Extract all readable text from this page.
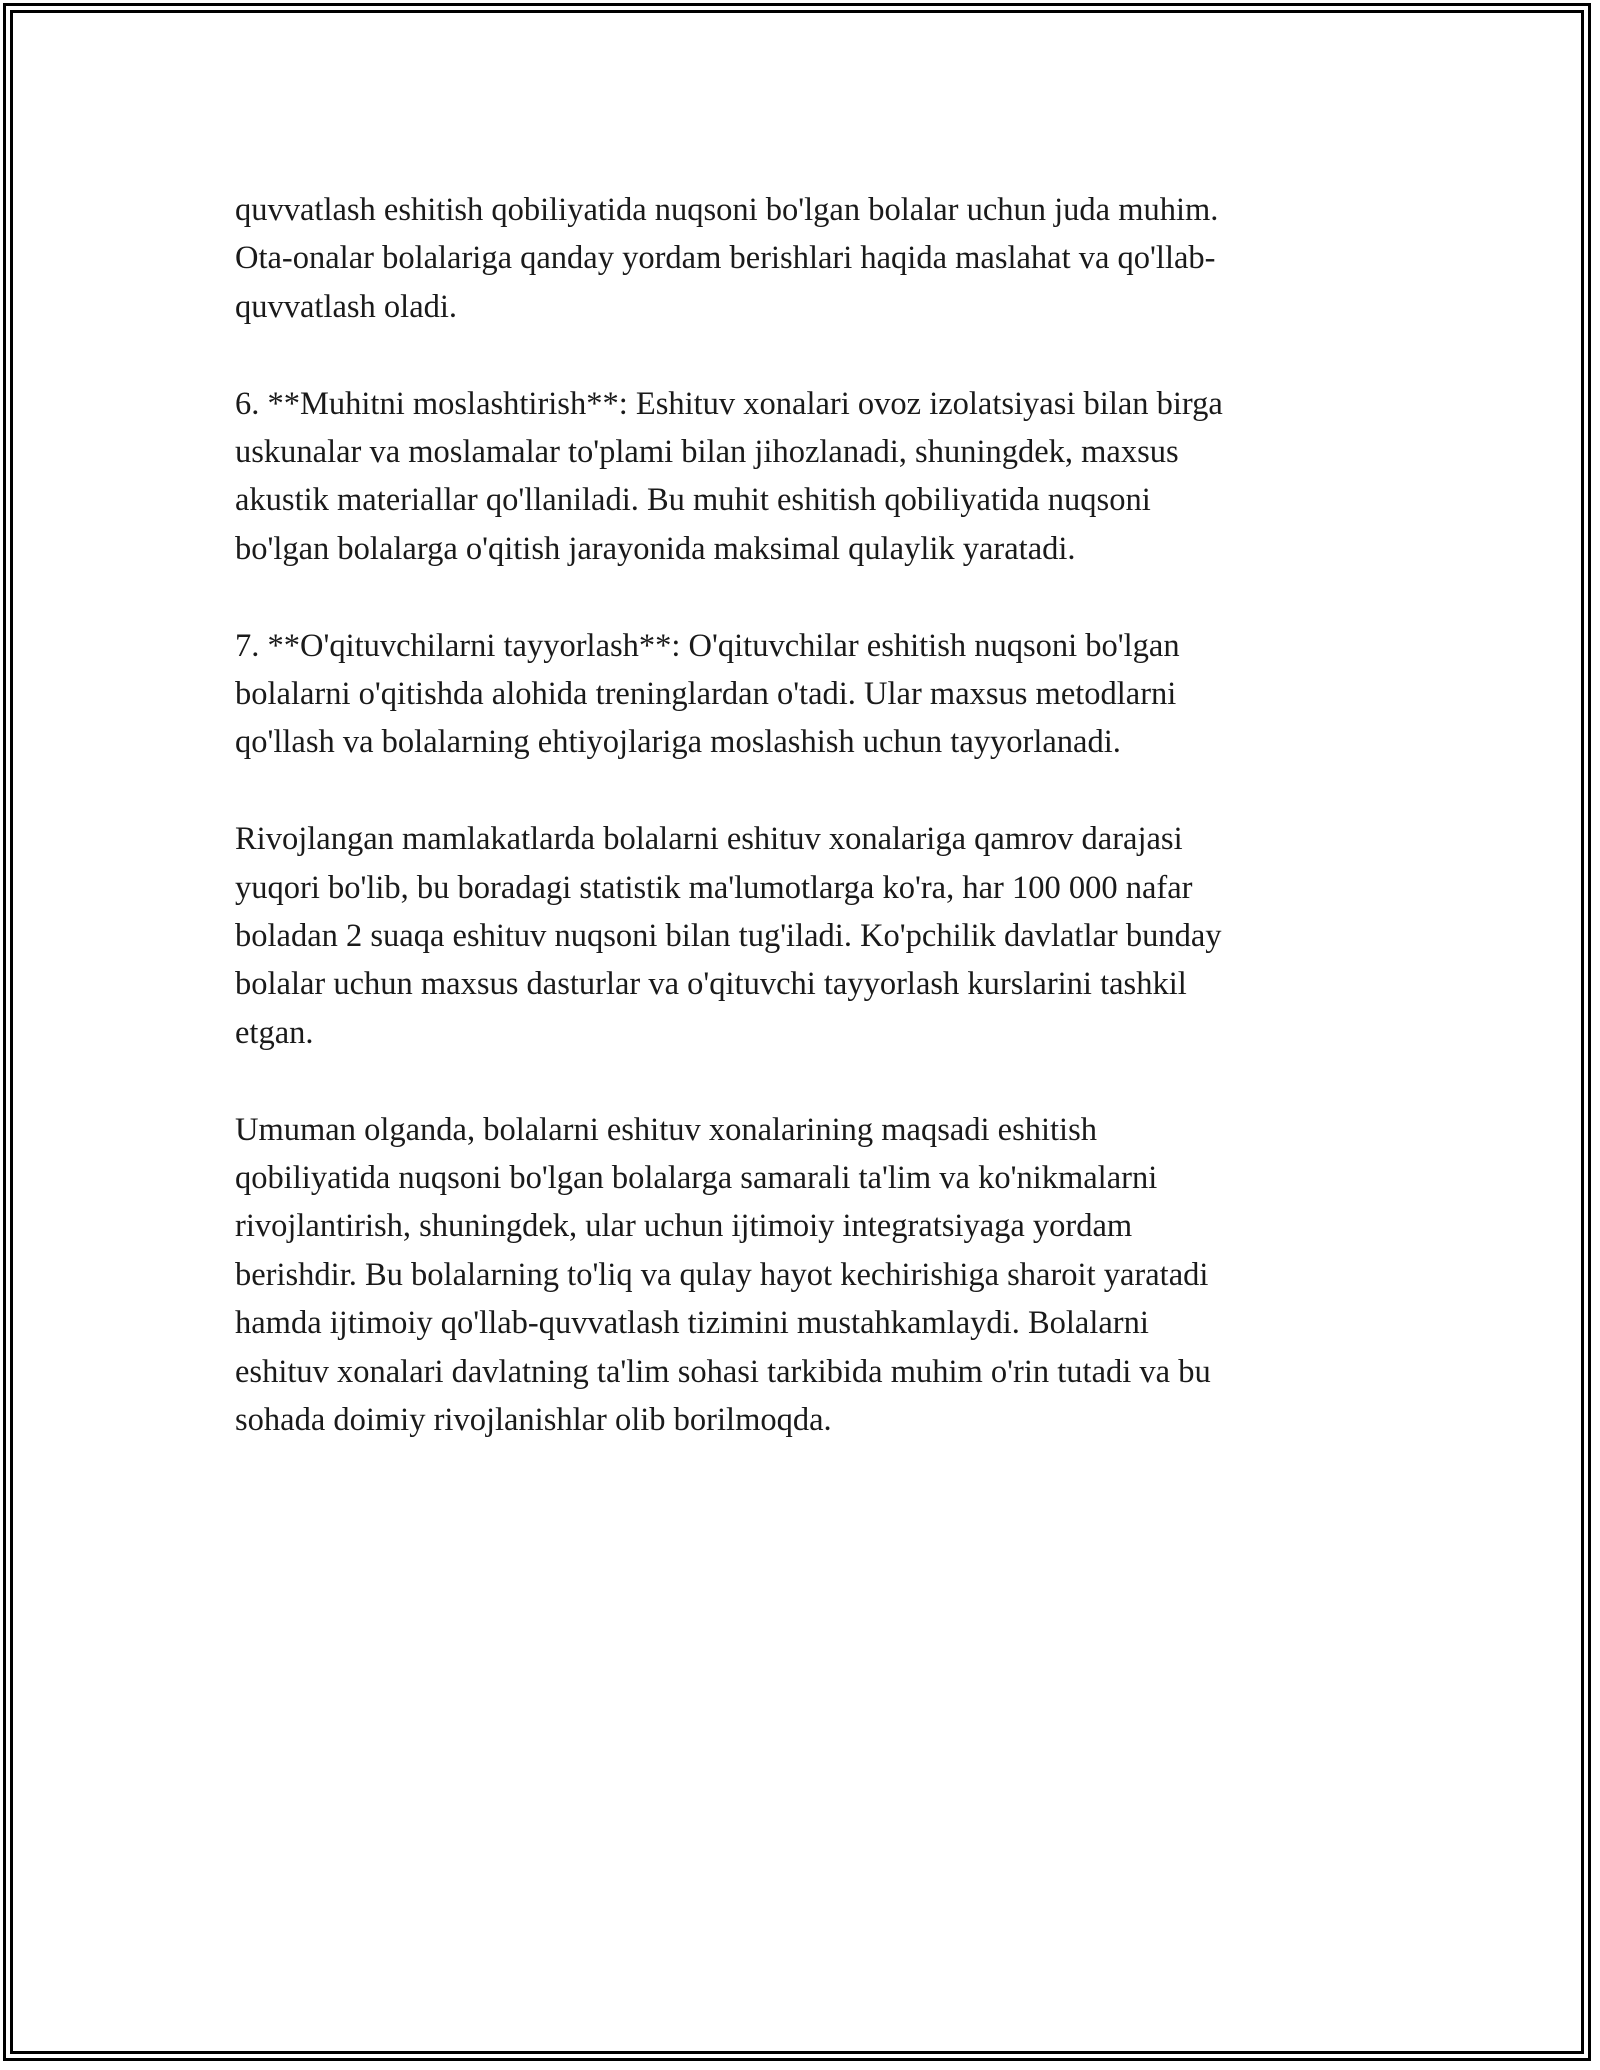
quvvatlash eshitish qobiliyatida nuqsoni bo'lgan bolalar uchun juda muhim.
Ota-onalar bolalariga qanday yordam berishlari haqida maslahat va qo'llab-
quvvatlash oladi.

6. **Muhitni moslashtirish**: Eshituv xonalari ovoz izolatsiyasi bilan birga
uskunalar va moslamalar to'plami bilan jihozlanadi, shuningdek, maxsus
akustik materiallar qo'llaniladi. Bu muhit eshitish qobiliyatida nuqsoni
bo'lgan bolalarga o'qitish jarayonida maksimal qulaylik yaratadi.

7. **O'qituvchilarni tayyorlash**: O'qituvchilar eshitish nuqsoni bo'lgan
bolalarni o'qitishda alohida treninglardan o'tadi. Ular maxsus metodlarni
qo'llash va bolalarning ehtiyojlariga moslashish uchun tayyorlanadi.

Rivojlangan mamlakatlarda bolalarni eshituv xonalariga qamrov darajasi
yuqori bo'lib, bu boradagi statistik ma'lumotlarga ko'ra, har 100 000 nafar
boladan 2 suaqa eshituv nuqsoni bilan tug'iladi. Ko'pchilik davlatlar bunday
bolalar uchun maxsus dasturlar va o'qituvchi tayyorlash kurslarini tashkil
etgan.

Umuman olganda, bolalarni eshituv xonalarining maqsadi eshitish
qobiliyatida nuqsoni bo'lgan bolalarga samarali ta'lim va ko'nikmalarni
rivojlantirish, shuningdek, ular uchun ijtimoiy integratsiyaga yordam
berishdir. Bu bolalarning to'liq va qulay hayot kechirishiga sharoit yaratadi
hamda ijtimoiy qo'llab-quvvatlash tizimini mustahkamlaydi. Bolalarni
eshituv xonalari davlatning ta'lim sohasi tarkibida muhim o'rin tutadi va bu
sohada doimiy rivojlanishlar olib borilmoqda.
